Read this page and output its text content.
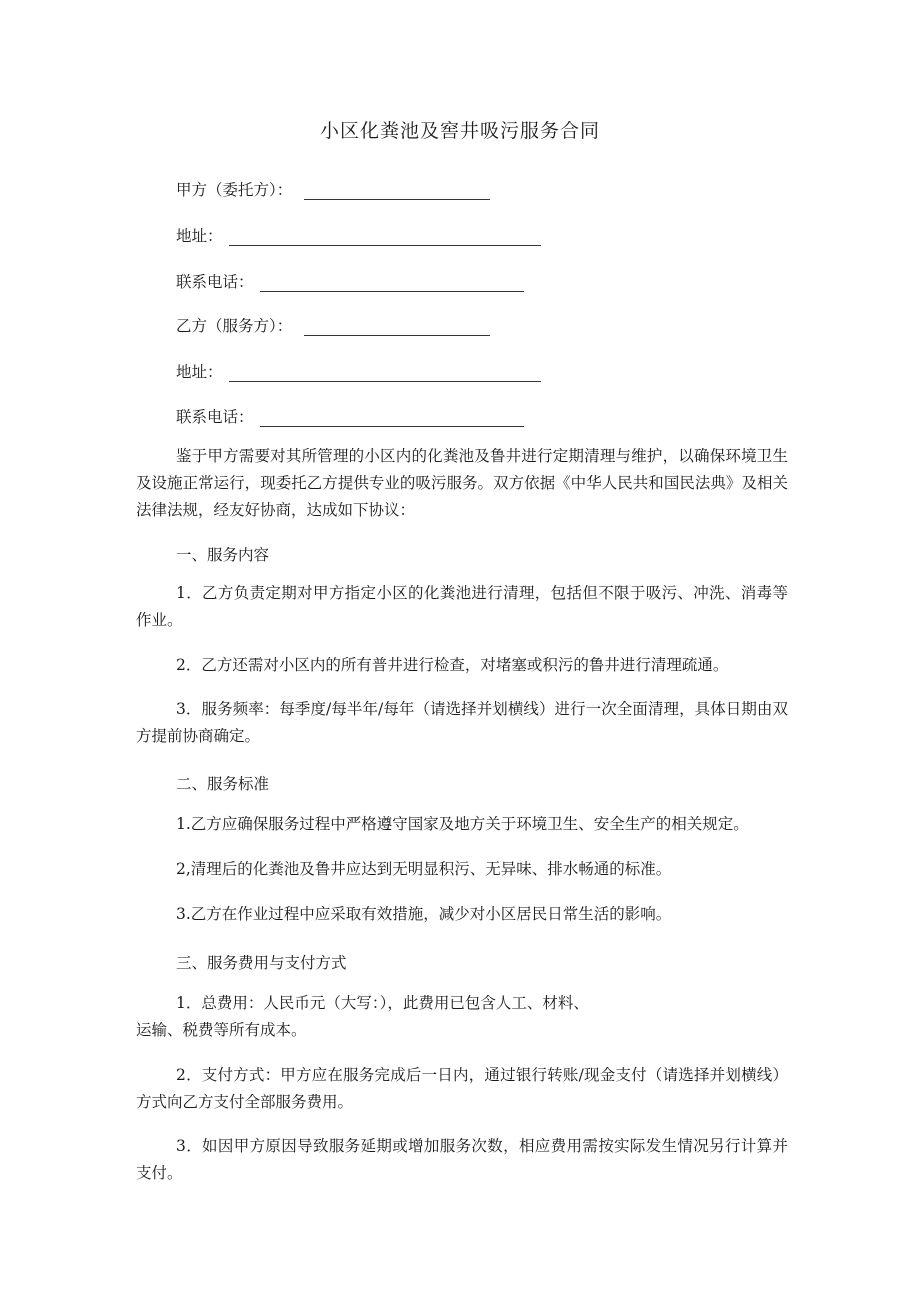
小区化粪池及窖井吸污服务合同
甲方（委托方）：
地址：
联系电话：
乙方（服务方）：
地址：
联系电话：
鉴于甲方需要对其所管理的小区内的化粪池及鲁井进行定期清理与维护，以确保环境卫生及设施正常运行，现委托乙方提供专业的吸污服务。双方依据《中华人民共和国民法典》及相关法律法规，经友好协商，达成如下协议：
一、服务内容
1．乙方负责定期对甲方指定小区的化粪池进行清理，包括但不限于吸污、冲洗、消毒等作业。
2．乙方还需对小区内的所有普井进行检查，对堵塞或积污的鲁井进行清理疏通。
3．服务频率：每季度/每半年/每年（请选择并划横线）进行一次全面清理，具体日期由双方提前协商确定。
二、服务标准
1.乙方应确保服务过程中严格遵守国家及地方关于环境卫生、安全生产的相关规定。
2,清理后的化粪池及鲁井应达到无明显积污、无异味、排水畅通的标准。
3.乙方在作业过程中应采取有效措施，减少对小区居民日常生活的影响。
三、服务费用与支付方式
1．总费用：人民币元（大写：），此费用已包含人工、材料、
运输、税费等所有成本。
2．支付方式：甲方应在服务完成后一日内，通过银行转账/现金支付（请选择并划横线）方式向乙方支付全部服务费用。
3．如因甲方原因导致服务延期或增加服务次数，相应费用需按实际发生情况另行计算并支付。
